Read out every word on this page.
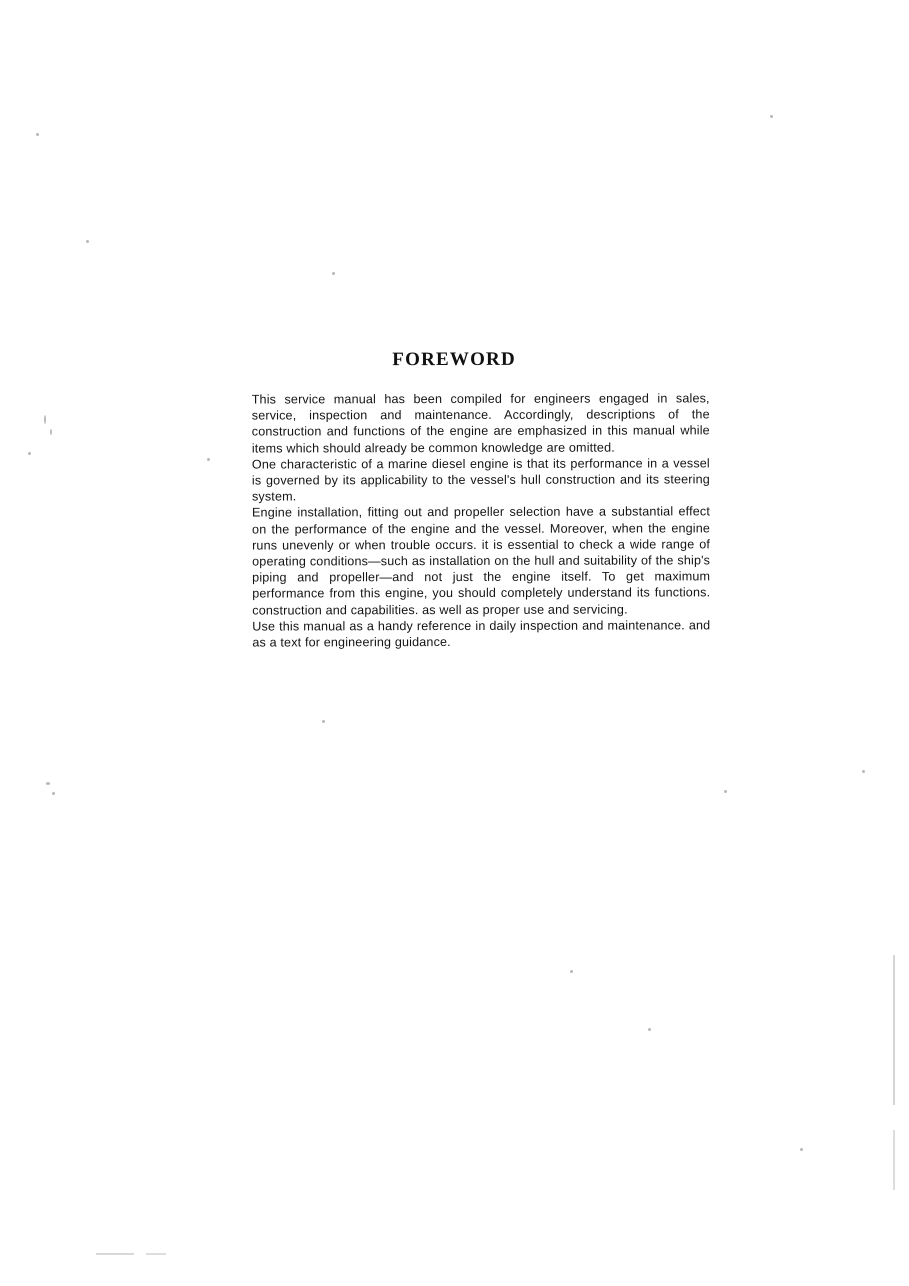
FOREWORD

This service manual has been compiled for engineers engaged in sales, service, inspection and maintenance. Accordingly, descriptions of the construction and functions of the engine are emphasized in this manual while items which should already be common knowledge are omitted.

One characteristic of a marine diesel engine is that its performance in a vessel is governed by its applicability to the vessel's hull construction and its steering system.

Engine installation, fitting out and propeller selection have a substantial effect on the performance of the engine and the vessel. Moreover, when the engine runs unevenly or when trouble occurs. it is essential to check a wide range of operating conditions—such as installation on the hull and suitability of the ship's piping and propeller—and not just the engine itself. To get maximum performance from this engine, you should completely understand its functions. construction and capabilities. as well as proper use and servicing.

Use this manual as a handy reference in daily inspection and maintenance. and as a text for engineering guidance.
